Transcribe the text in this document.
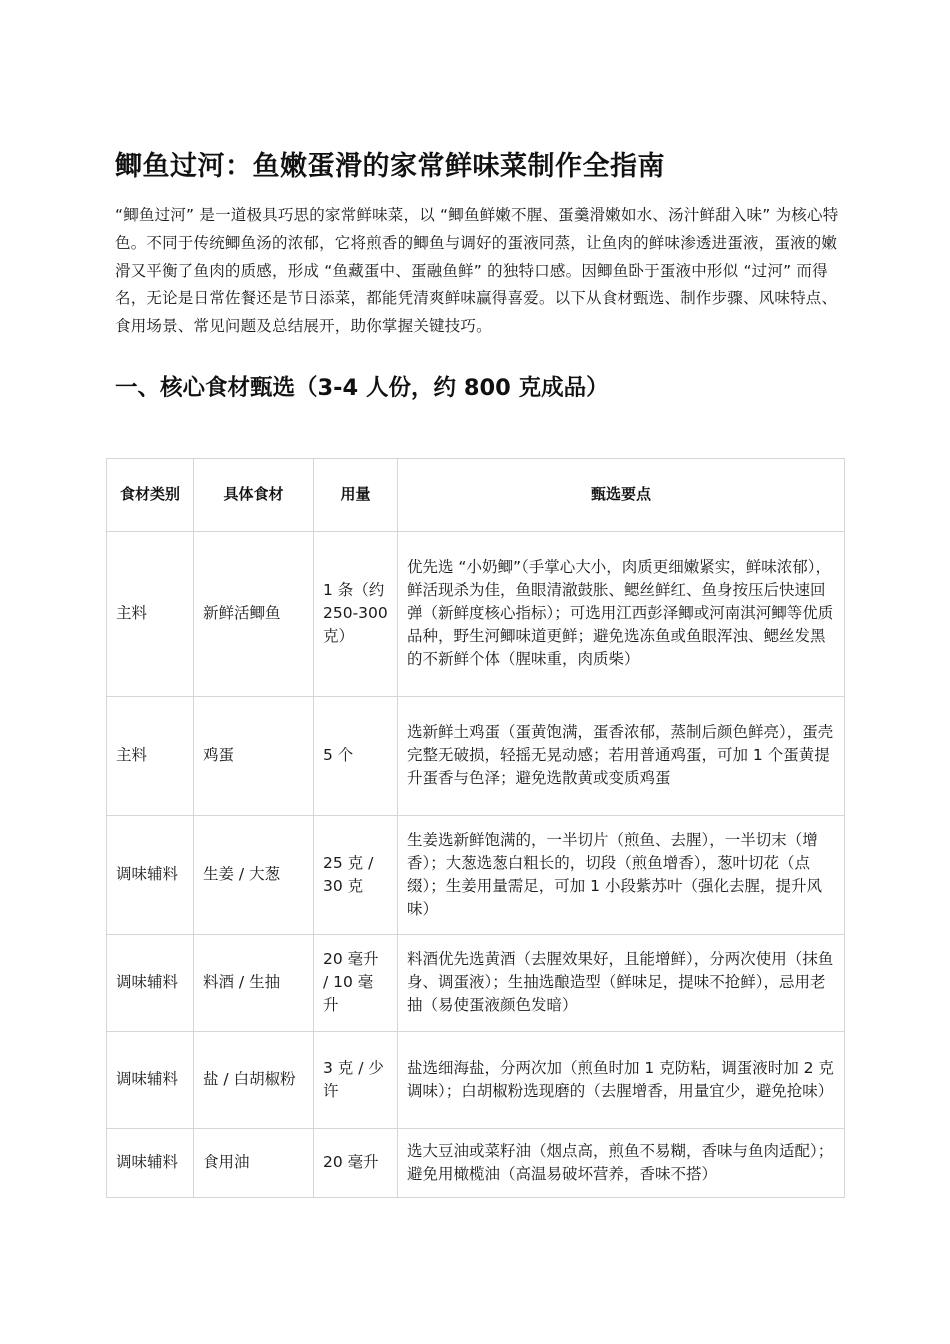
鲫鱼过河：鱼嫩蛋滑的家常鲜味菜制作全指南

“鲫鱼过河” 是一道极具巧思的家常鲜味菜，以 “鲫鱼鲜嫩不腥、蛋羹滑嫩如水、汤汁鲜甜入味” 为核心特色。不同于传统鲫鱼汤的浓郁，它将煎香的鲫鱼与调好的蛋液同蒸，让鱼肉的鲜味渗透进蛋液，蛋液的嫩滑又平衡了鱼肉的质感，形成 “鱼藏蛋中、蛋融鱼鲜” 的独特口感。因鲫鱼卧于蛋液中形似 “过河” 而得名，无论是日常佐餐还是节日添菜，都能凭清爽鲜味赢得喜爱。以下从食材甄选、制作步骤、风味特点、食用场景、常见问题及总结展开，助你掌握关键技巧。

一、核心食材甄选（3-4 人份，约 800 克成品）
食材类别	具体食材	用量	甄选要点
主料	新鲜活鲫鱼	1 条（约 250-300 克）	优先选 “小奶鲫”（手掌心大小，肉质更细嫩紧实，鲜味浓郁），鲜活现杀为佳，鱼眼清澈鼓胀、鳃丝鲜红、鱼身按压后快速回弹（新鲜度核心指标）；可选用江西彭泽鲫或河南淇河鲫等优质品种，野生河鲫味道更鲜；避免选冻鱼或鱼眼浑浊、鳃丝发黑的不新鲜个体（腥味重，肉质柴）
主料	鸡蛋	5 个	选新鲜土鸡蛋（蛋黄饱满，蛋香浓郁，蒸制后颜色鲜亮），蛋壳完整无破损，轻摇无晃动感；若用普通鸡蛋，可加 1 个蛋黄提升蛋香与色泽；避免选散黄或变质鸡蛋
调味辅料	生姜 / 大葱	25 克 / 30 克	生姜选新鲜饱满的，一半切片（煎鱼、去腥），一半切末（增香）；大葱选葱白粗长的，切段（煎鱼增香），葱叶切花（点缀）；生姜用量需足，可加 1 小段紫苏叶（强化去腥，提升风味）
调味辅料	料酒 / 生抽	20 毫升 / 10 毫升	料酒优先选黄酒（去腥效果好，且能增鲜），分两次使用（抹鱼身、调蛋液）；生抽选酿造型（鲜味足，提味不抢鲜），忌用老抽（易使蛋液颜色发暗）
调味辅料	盐 / 白胡椒粉	3 克 / 少许	盐选细海盐，分两次加（煎鱼时加 1 克防粘，调蛋液时加 2 克调味）；白胡椒粉选现磨的（去腥增香，用量宜少，避免抢味）
调味辅料	食用油	20 毫升	选大豆油或菜籽油（烟点高，煎鱼不易糊，香味与鱼肉适配）；避免用橄榄油（高温易破坏营养，香味不搭）
